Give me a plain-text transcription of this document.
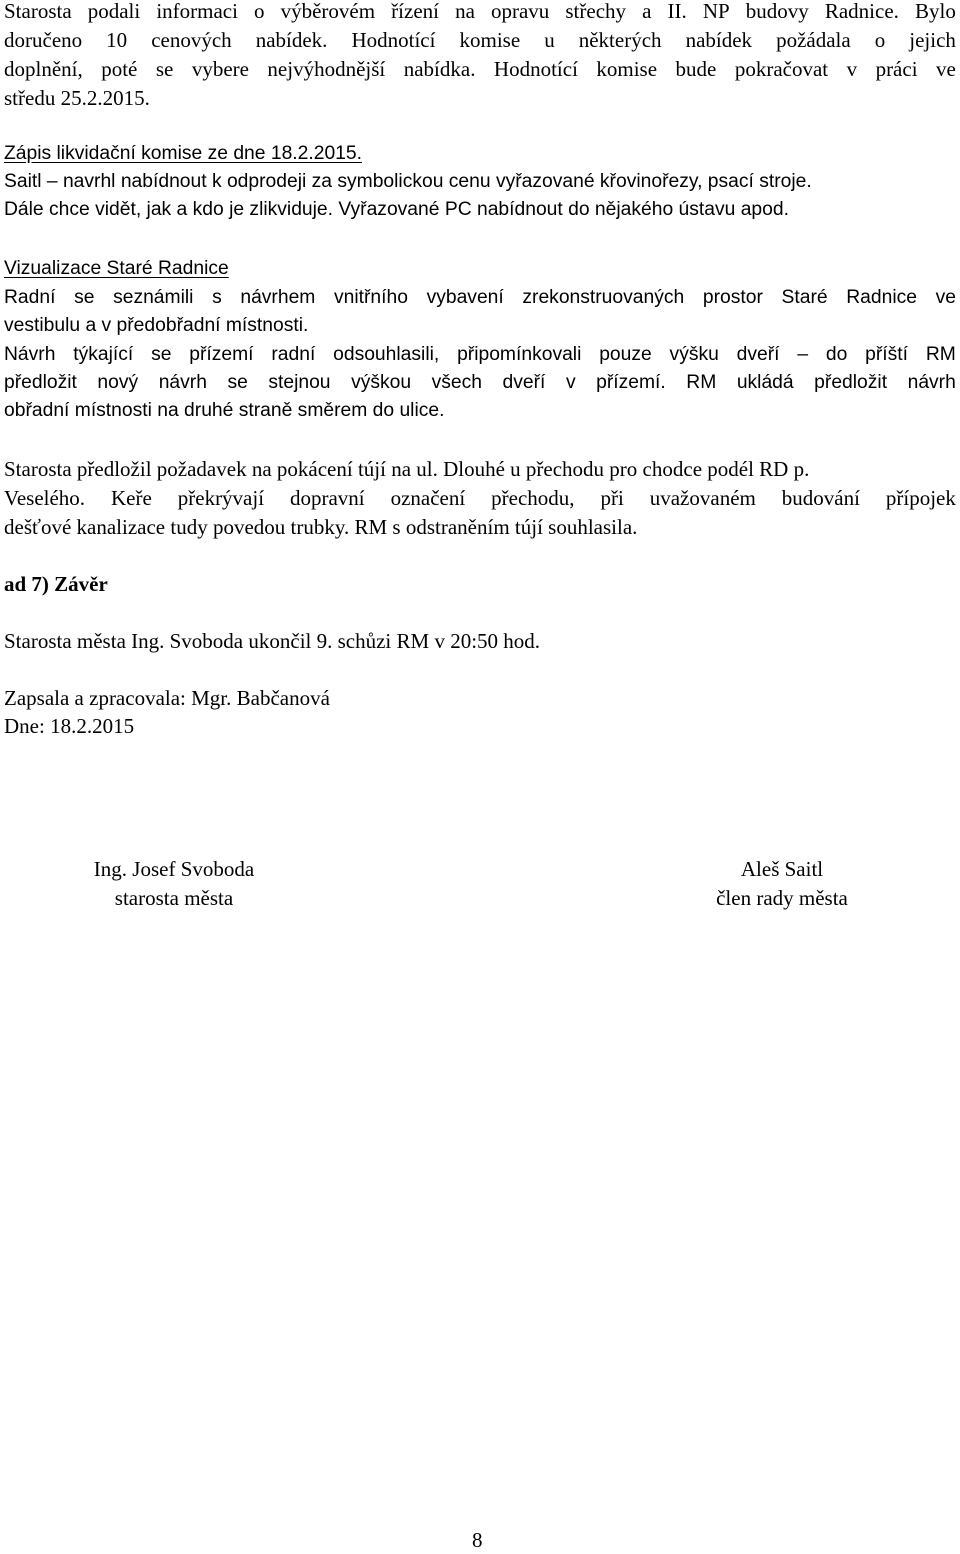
Starosta podali informaci o výběrovém řízení na opravu střechy a II. NP budovy Radnice. Bylo
doručeno 10 cenových nabídek. Hodnotící komise u některých nabídek požádala o jejich
doplnění, poté se vybere nejvýhodnější nabídka. Hodnotící komise bude pokračovat v práci ve
středu 25.2.2015.
Zápis likvidační komise ze dne 18.2.2015.
Saitl – navrhl nabídnout k odprodeji za symbolickou cenu vyřazované křovinořezy, psací stroje.
Dále chce vidět, jak a kdo je zlikviduje. Vyřazované PC nabídnout do nějakého ústavu apod.
Vizualizace Staré Radnice
Radní se seznámili s návrhem vnitřního vybavení zrekonstruovaných prostor Staré Radnice ve
vestibulu a v předobřadní místnosti.
Návrh týkající se přízemí radní odsouhlasili, připomínkovali pouze výšku dveří – do příští RM
předložit nový návrh se stejnou výškou všech dveří v přízemí. RM ukládá předložit návrh
obřadní místnosti na druhé straně směrem do ulice.
Starosta předložil požadavek na pokácení tújí na ul. Dlouhé u přechodu pro chodce podél RD p.
Veselého. Keře překrývají dopravní označení přechodu, při uvažovaném budování přípojek
dešťové kanalizace tudy povedou trubky. RM s odstraněním tújí souhlasila.
ad 7) Závěr
Starosta města Ing. Svoboda ukončil 9. schůzi RM v 20:50 hod.
Zapsala a zpracovala: Mgr. Babčanová
Dne: 18.2.2015
Ing. Josef Svoboda
starosta města
Aleš Saitl
člen rady města
8
